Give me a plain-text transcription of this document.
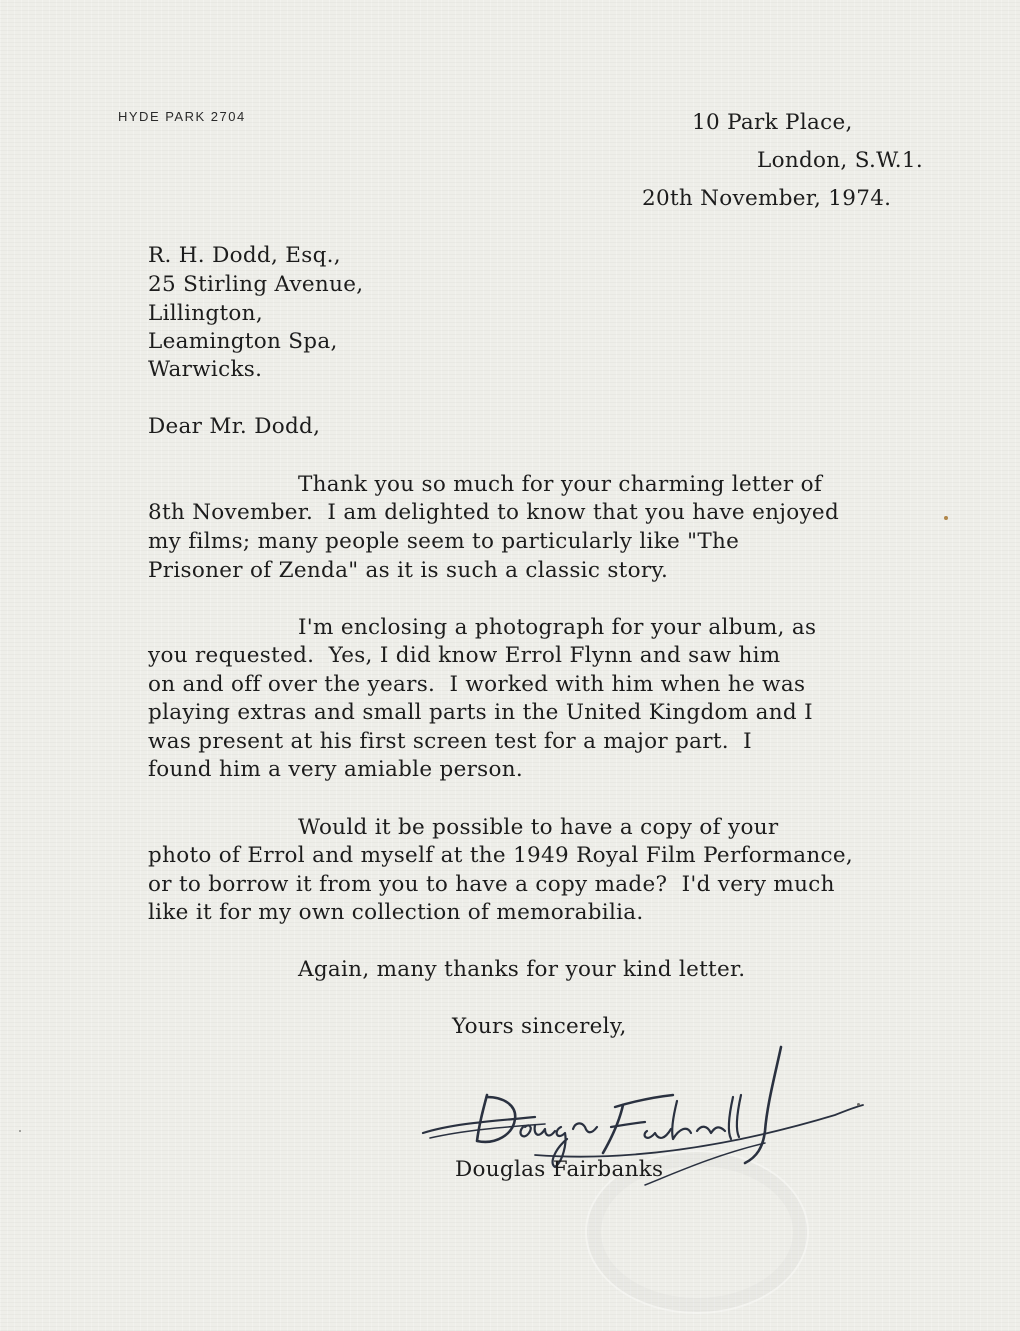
HYDE PARK 2704	10 Park Place,
London, S.W.1.
20th November, 1974.
R. H. Dodd, Esq.,
25 Stirling Avenue,
Lillington,
Leamington Spa,
Warwicks.
Dear Mr. Dodd,
Thank you so much for your charming letter of
8th November.  I am delighted to know that you have enjoyed
my films; many people seem to particularly like "The
Prisoner of Zenda" as it is such a classic story.
I'm enclosing a photograph for your album, as
you requested.  Yes, I did know Errol Flynn and saw him
on and off over the years.  I worked with him when he was
playing extras and small parts in the United Kingdom and I
was present at his first screen test for a major part.  I
found him a very amiable person.
Would it be possible to have a copy of your
photo of Errol and myself at the 1949 Royal Film Performance,
or to borrow it from you to have a copy made?  I'd very much
like it for my own collection of memorabilia.
Again, many thanks for your kind letter.
Yours sincerely,
Douglas Fairbanks
